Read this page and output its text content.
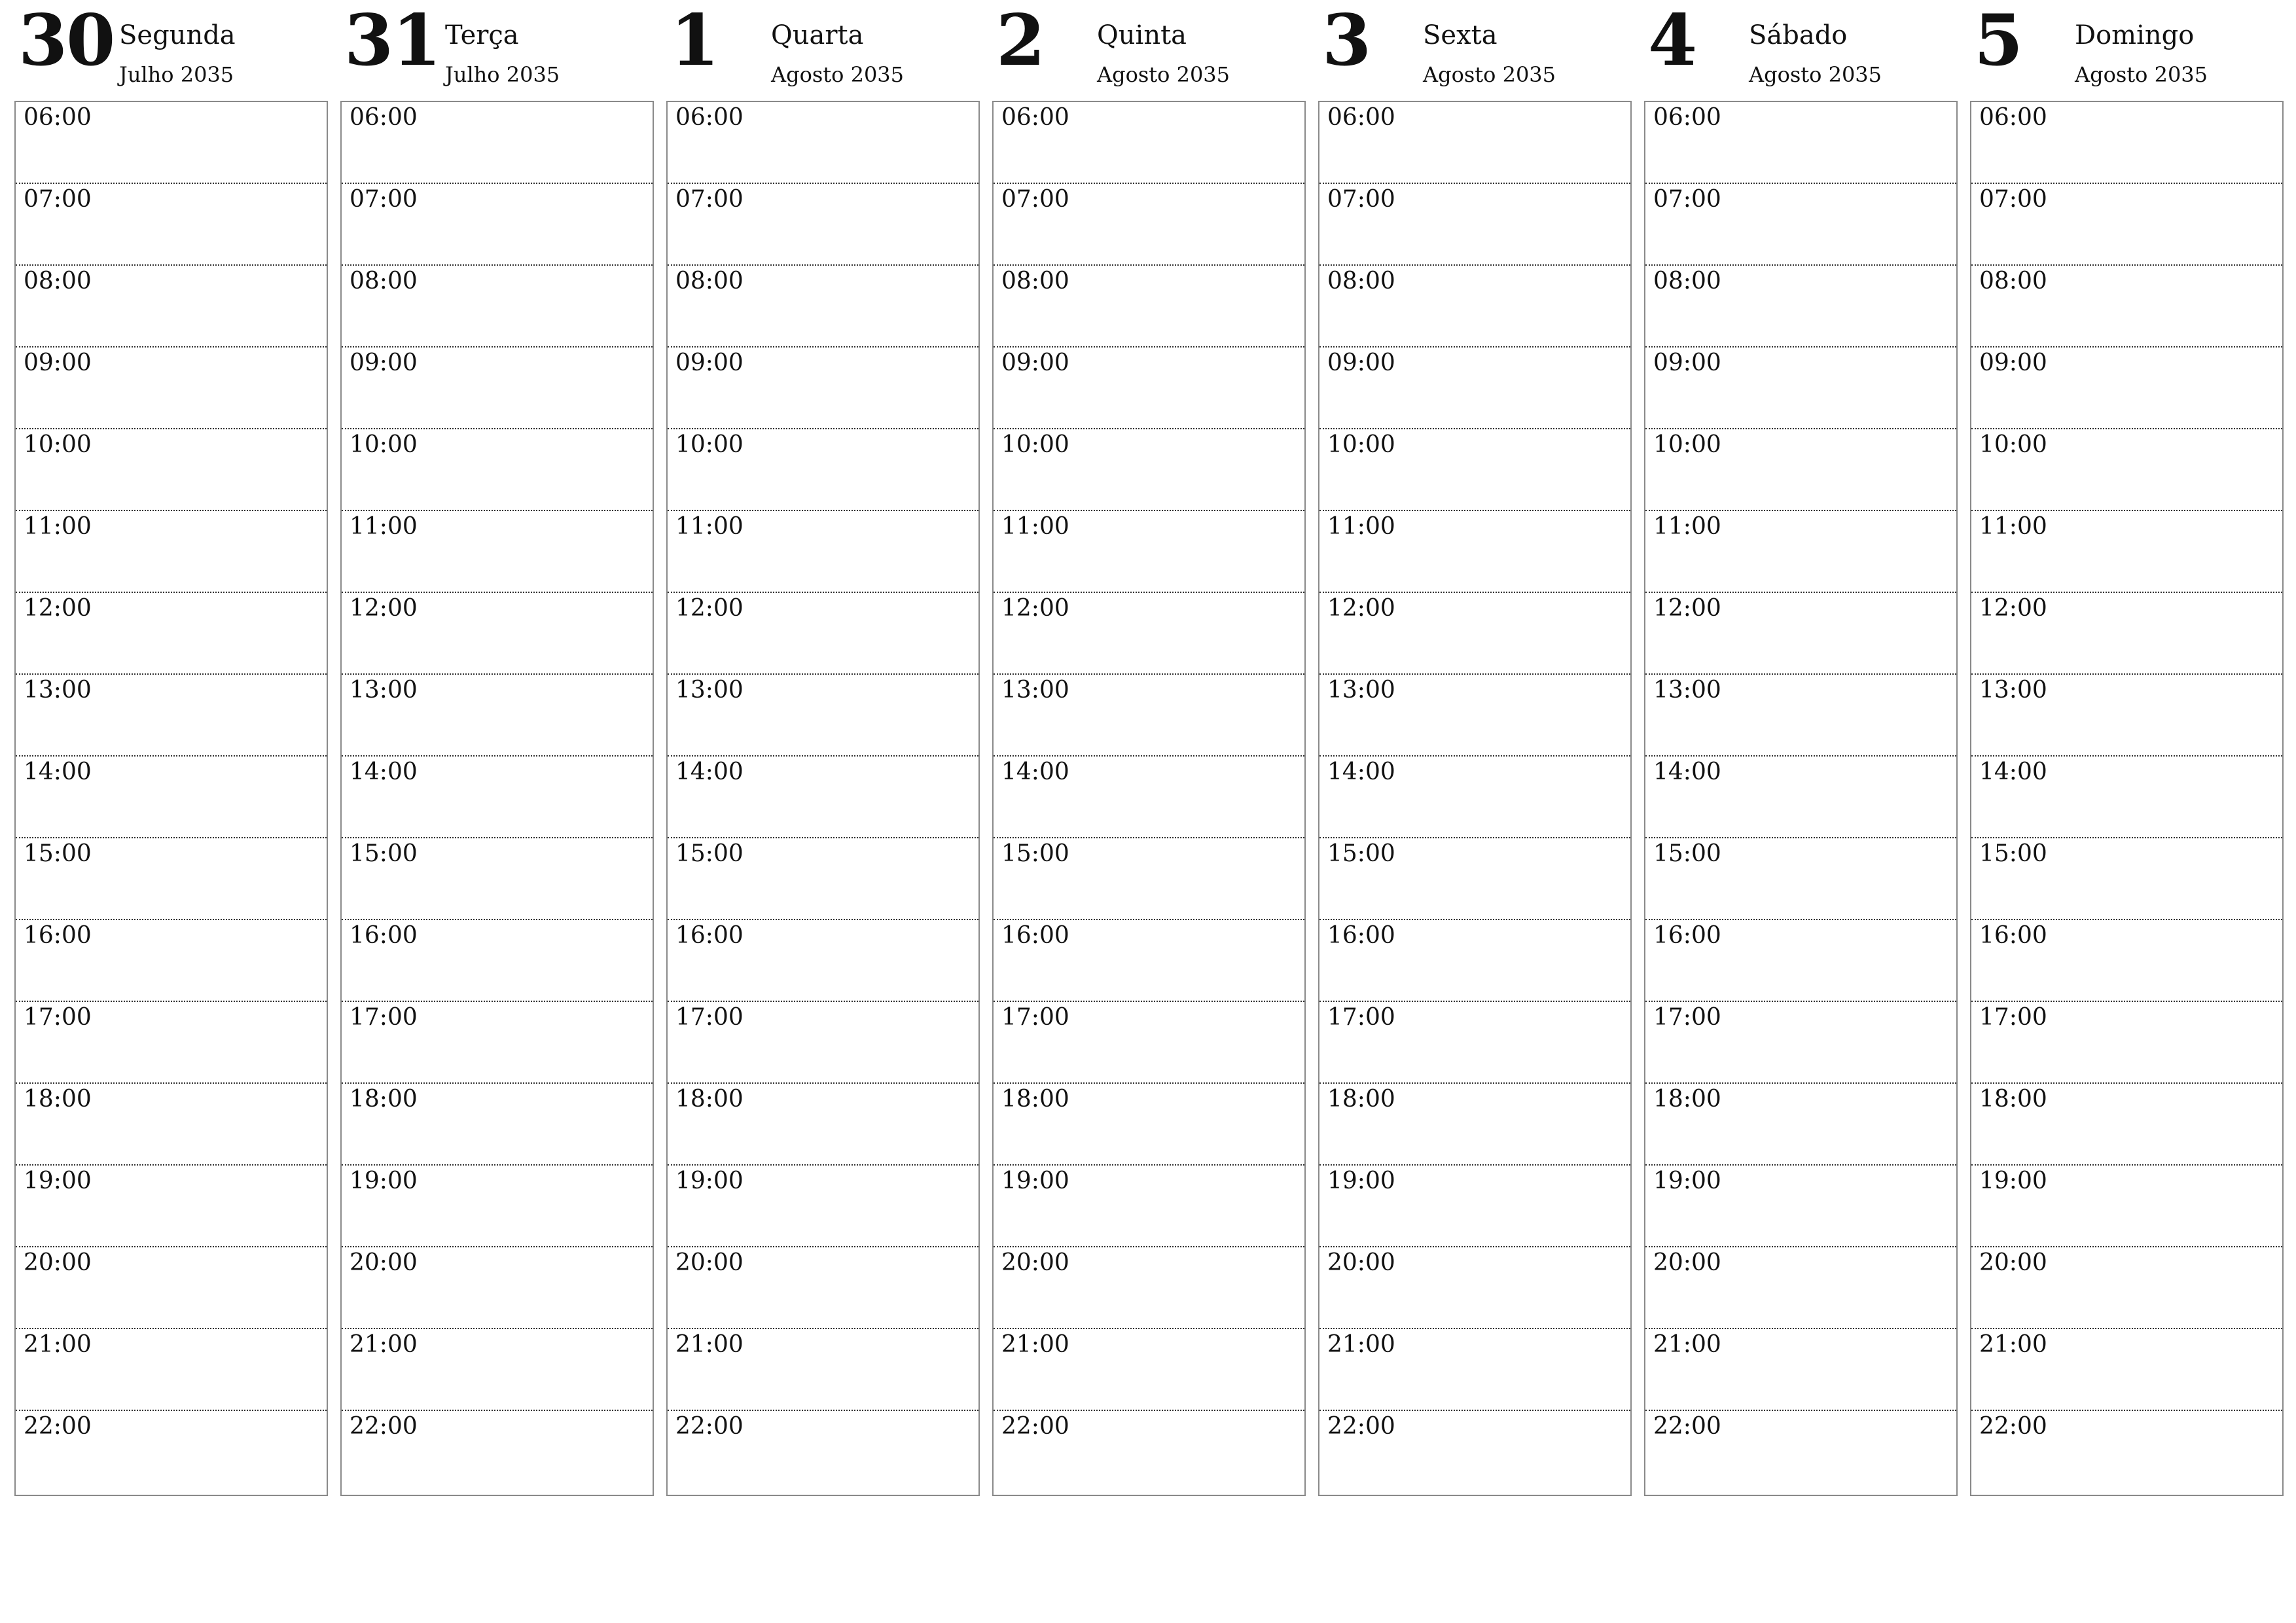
30 Segunda
Julho 2035
06:00
07:00
08:00
09:00
10:00
11:00
12:00
13:00
14:00
15:00
16:00
17:00
18:00
19:00
20:00
21:00
22:00
31 Terça
Julho 2035
06:00
07:00
08:00
09:00
10:00
11:00
12:00
13:00
14:00
15:00
16:00
17:00
18:00
19:00
20:00
21:00
22:00
1 Quarta
Agosto 2035
06:00
07:00
08:00
09:00
10:00
11:00
12:00
13:00
14:00
15:00
16:00
17:00
18:00
19:00
20:00
21:00
22:00
2 Quinta
Agosto 2035
06:00
07:00
08:00
09:00
10:00
11:00
12:00
13:00
14:00
15:00
16:00
17:00
18:00
19:00
20:00
21:00
22:00
3 Sexta
Agosto 2035
06:00
07:00
08:00
09:00
10:00
11:00
12:00
13:00
14:00
15:00
16:00
17:00
18:00
19:00
20:00
21:00
22:00
4 Sábado
Agosto 2035
06:00
07:00
08:00
09:00
10:00
11:00
12:00
13:00
14:00
15:00
16:00
17:00
18:00
19:00
20:00
21:00
22:00
5 Domingo
Agosto 2035
06:00
07:00
08:00
09:00
10:00
11:00
12:00
13:00
14:00
15:00
16:00
17:00
18:00
19:00
20:00
21:00
22:00
